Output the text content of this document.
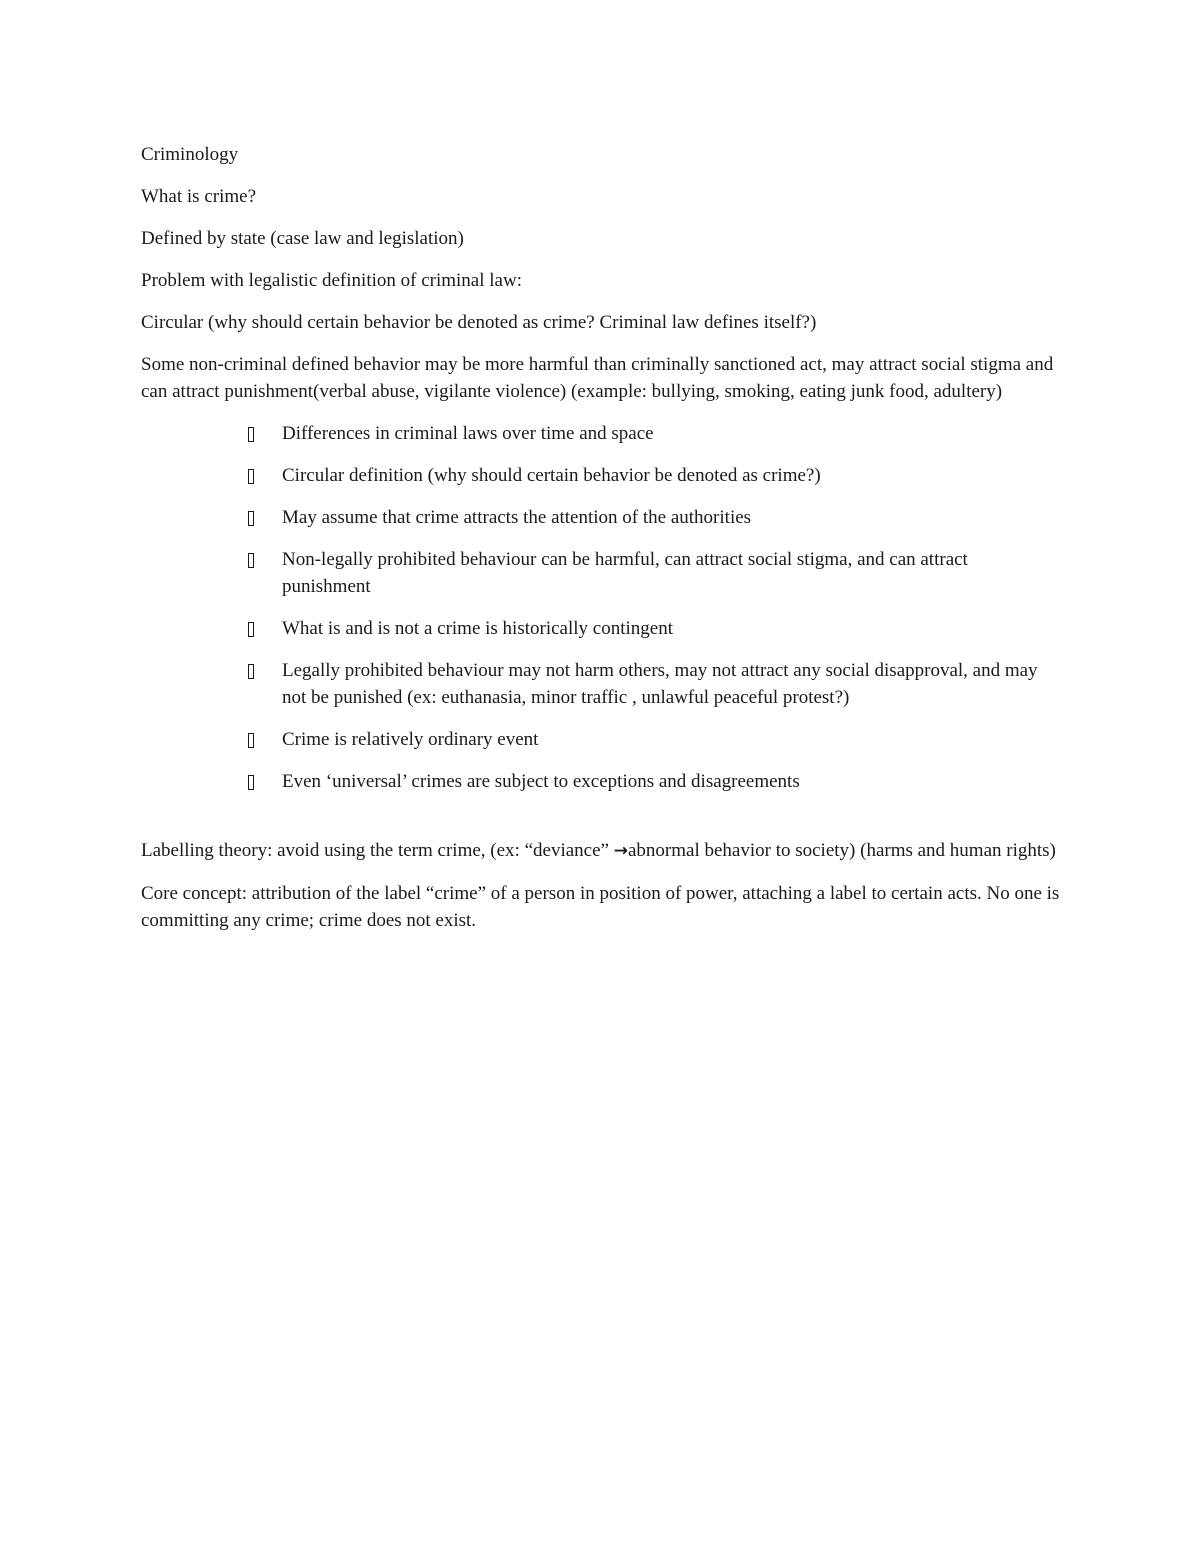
Criminology

What is crime?

Defined by state (case law and legislation)

Problem with legalistic definition of criminal law:

Circular (why should certain behavior be denoted as crime? Criminal law defines itself?)

Some non-criminal defined behavior may be more harmful than criminally sanctioned act, may attract social stigma and can attract punishment(verbal abuse, vigilante violence) (example: bullying, smoking, eating junk food, adultery)

Differences in criminal laws over time and space
Circular definition (why should certain behavior be denoted as crime?)
May assume that crime attracts the attention of the authorities
Non-legally prohibited behaviour can be harmful, can attract social stigma, and can attract punishment
What is and is not a crime is historically contingent
Legally prohibited behaviour may not harm others, may not attract any social disapproval, and may not be punished (ex: euthanasia, minor traffic , unlawful peaceful protest?)
Crime is relatively ordinary event
Even ‘universal’ crimes are subject to exceptions and disagreements

Labelling theory: avoid using the term crime, (ex: “deviance” →abnormal behavior to society) (harms and human rights)

Core concept: attribution of the label “crime” of a person in position of power, attaching a label to certain acts. No one is committing any crime; crime does not exist.
